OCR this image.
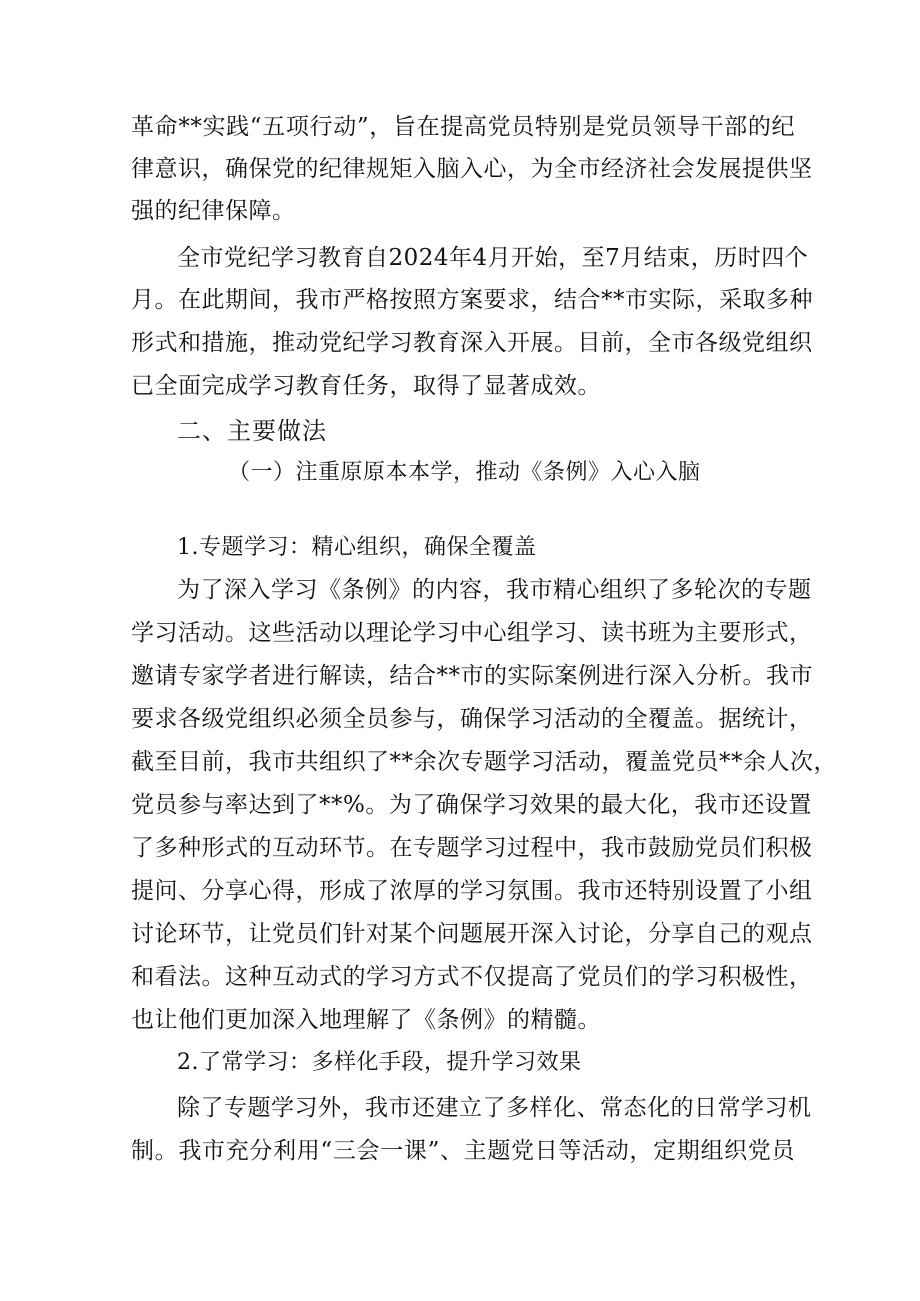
革命**实践“五项行动”，旨在提高党员特别是党员领导干部的纪
律意识，确保党的纪律规矩入脑入心，为全市经济社会发展提供坚
强的纪律保障。
全市党纪学习教育自2024年4月开始，至7月结束，历时四个
月。在此期间，我市严格按照方案要求，结合**市实际，采取多种
形式和措施，推动党纪学习教育深入开展。目前，全市各级党组织
已全面完成学习教育任务，取得了显著成效。
二、主要做法
（一）注重原原本本学，推动《条例》入心入脑
1.专题学习：精心组织，确保全覆盖
为了深入学习《条例》的内容，我市精心组织了多轮次的专题
学习活动。这些活动以理论学习中心组学习、读书班为主要形式，
邀请专家学者进行解读，结合**市的实际案例进行深入分析。我市
要求各级党组织必须全员参与，确保学习活动的全覆盖。据统计，
截至目前，我市共组织了**余次专题学习活动，覆盖党员**余人次，
党员参与率达到了**%。为了确保学习效果的最大化，我市还设置
了多种形式的互动环节。在专题学习过程中，我市鼓励党员们积极
提问、分享心得，形成了浓厚的学习氛围。我市还特别设置了小组
讨论环节，让党员们针对某个问题展开深入讨论，分享自己的观点
和看法。这种互动式的学习方式不仅提高了党员们的学习积极性，
也让他们更加深入地理解了《条例》的精髓。
2.了常学习：多样化手段，提升学习效果
除了专题学习外，我市还建立了多样化、常态化的日常学习机
制。我市充分利用“三会一课”、主题党日等活动，定期组织党员
